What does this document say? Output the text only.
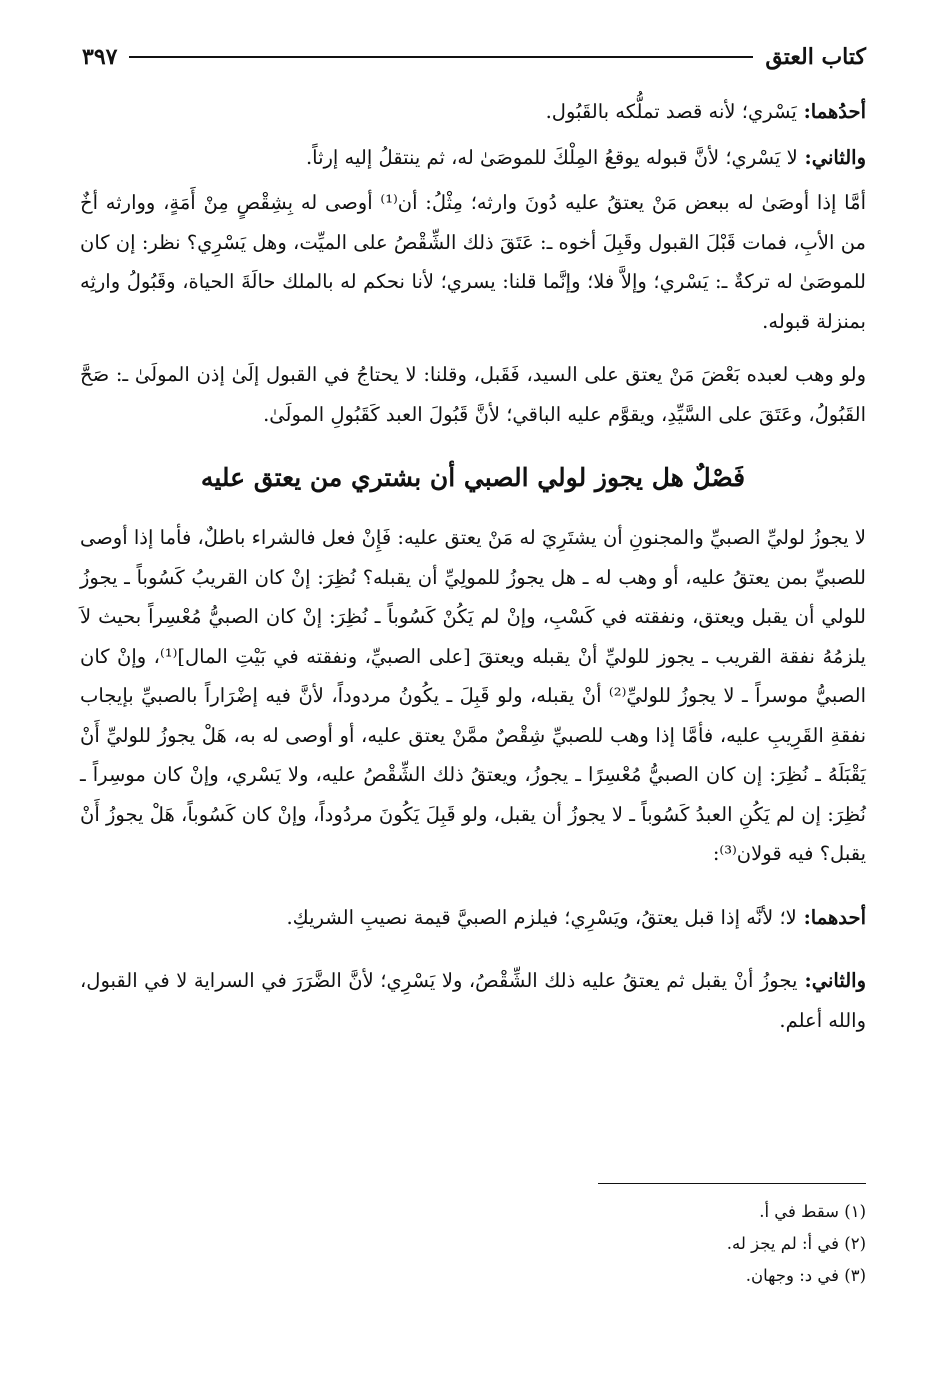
كتاب العتق
٣٩٧

أحدُهما: يَسْري؛ لأنه قصد تملُّكه بالقَبُول.

والثاني: لا يَسْري؛ لأنَّ قبوله يوقعُ المِلْكَ للموصَىٰ له، ثم ينتقلُ إليه إرثاً.

أمَّا إذا أوصَىٰ له ببعض مَنْ يعتقُ عليه دُونَ وارثه؛ مِثْلُ: أن⁽¹⁾ أوصى له بِشِقْصٍ مِنْ أَمَةٍ، ووارثه أخٌ من الأبِ، فمات قَبْلَ القبول وقَبِلَ أخوه ـ: عَتَقَ ذلك الشِّقْصُ على الميِّت، وهل يَسْرِي؟ نظر: إن كان للموصَىٰ له تركةٌ ـ: يَسْري؛ وإلاَّ فلا؛ وإنَّما قلنا: يسري؛ لأنا نحكم له بالملك حالَةَ الحياة، وقَبُولُ وارثِه بمنزلة قبوله.

ولو وهب لعبده بَعْضَ مَنْ يعتق على السيد، فَقَبل، وقلنا: لا يحتاجُ في القبول إلَىٰ إذن المولَىٰ ـ: صَحَّ القَبُولُ، وعَتَقَ على السَّيِّدِ، ويقوَّم عليه الباقي؛ لأنَّ قَبُولَ العبد كَقَبُولِ المولَىٰ.

فَصْلٌ هل يجوز لولي الصبي أن بشتري من يعتق عليه

لا يجوزُ لوليِّ الصبيِّ والمجنونِ أن يشتَرِيَ له مَنْ يعتق عليه: فَإِنْ فعل فالشراء باطلٌ، فأما إذا أوصى للصبيِّ بمن يعتقُ عليه، أو وهب له ـ هل يجوزُ للمولِيِّ أن يقبله؟ نُظِرَ: إنْ كان القريبُ كَسُوباً ـ يجوزُ للولي أن يقبل ويعتق، ونفقته في كَسْبِ، وإنْ لم يَكُنْ كَسُوباً ـ نُظِرَ: إنْ كان الصبيُّ مُعْسِراً بحيث لاَ يلزمُهُ نفقة القريب ـ يجوز للوليِّ أنْ يقبله ويعتقَ [على الصبيِّ، ونفقته في بَيْتِ المال]⁽¹⁾، وإنْ كان الصبيُّ موسراً ـ لا يجوزُ للوليِّ⁽²⁾ أنْ يقبله، ولو قَبِلَ ـ يكُونُ مردوداً، لأنَّ فيه إضْرَاراً بالصبيِّ بإيجاب نفقةِ القَرِيبِ عليه، فأمَّا إذا وهب للصبيِّ شِقْصٌ ممَّنْ يعتق عليه، أو أوصى له به، هَلْ يجوزُ للوليِّ أَنْ يَقْبَلَهُ ـ نُظِرَ: إن كان الصبيُّ مُعْسِرًا ـ يجوزُ، ويعتقُ ذلك الشِّقْصُ عليه، ولا يَسْري، وإنْ كان موسِراً ـ نُظِرَ: إن لم يَكُنِ العبدُ كَسُوباً ـ لا يجوزُ أن يقبل، ولو قَبِلَ يَكُونَ مردُوداً، وإنْ كان كَسُوباً، هَلْ يجوزُ أَنْ يقبل؟ فيه قولان⁽³⁾:

أحدهما: لا؛ لأنَّه إذا قبل يعتقُ، ويَسْرِي؛ فيلزم الصبيَّ قيمة نصيبِ الشريكِ.

والثاني: يجوزُ أنْ يقبل ثم يعتقُ عليه ذلك الشِّقْصُ، ولا يَسْرِي؛ لأنَّ الضَّرَرَ في السراية لا في القبول، والله أعلم.

(١) سقط في أ.

(٢) في أ: لم يجز له.

(٣) في د: وجهان.
